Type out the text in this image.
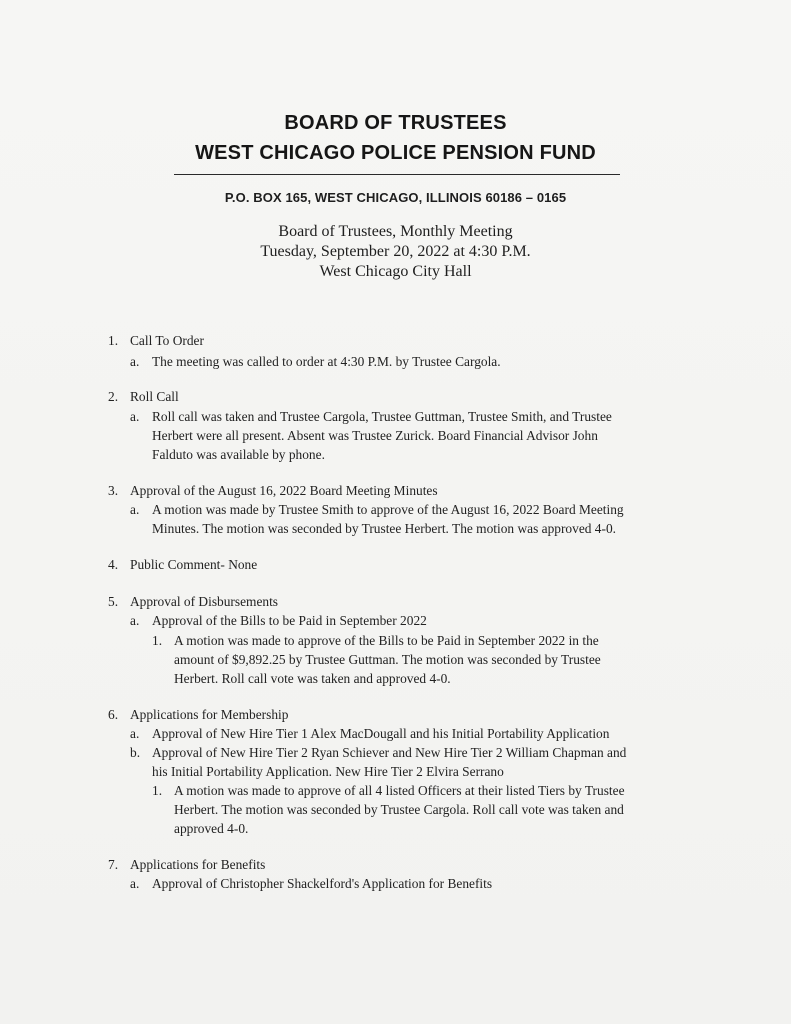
BOARD OF TRUSTEES
WEST CHICAGO POLICE PENSION FUND
P.O. BOX 165, WEST CHICAGO, ILLINOIS 60186 – 0165
Board of Trustees, Monthly Meeting
Tuesday, September 20, 2022 at 4:30 P.M.
West Chicago City Hall
1. Call To Order
a. The meeting was called to order at 4:30 P.M. by Trustee Cargola.
2. Roll Call
a. Roll call was taken and Trustee Cargola, Trustee Guttman, Trustee Smith, and Trustee
Herbert were all present. Absent was Trustee Zurick. Board Financial Advisor John
Falduto was available by phone.
3. Approval of the August 16, 2022 Board Meeting Minutes
a. A motion was made by Trustee Smith to approve of the August 16, 2022 Board Meeting
Minutes. The motion was seconded by Trustee Herbert. The motion was approved 4-0.
4. Public Comment- None
5. Approval of Disbursements
a. Approval of the Bills to be Paid in September 2022
1. A motion was made to approve of the Bills to be Paid in September 2022 in the
amount of $9,892.25 by Trustee Guttman. The motion was seconded by Trustee
Herbert. Roll call vote was taken and approved 4-0.
6. Applications for Membership
a. Approval of New Hire Tier 1 Alex MacDougall and his Initial Portability Application
b. Approval of New Hire Tier 2 Ryan Schiever and New Hire Tier 2 William Chapman and
his Initial Portability Application. New Hire Tier 2 Elvira Serrano
1. A motion was made to approve of all 4 listed Officers at their listed Tiers by Trustee
Herbert. The motion was seconded by Trustee Cargola. Roll call vote was taken and
approved 4-0.
7. Applications for Benefits
a. Approval of Christopher Shackelford's Application for Benefits
